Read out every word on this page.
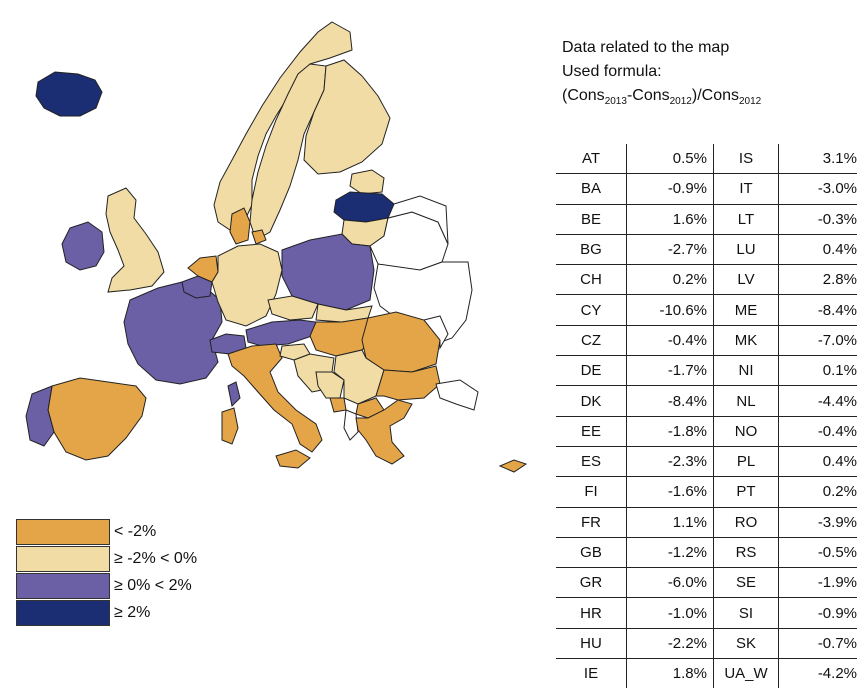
Data related to the map
Used formula:
(Cons$_{2013}$-Cons$_{2012}$)/Cons$_{2012}$
AT	0.5%	IS	3.1%
BA	-0.9%	IT	-3.0%
BE	1.6%	LT	-0.3%
BG	-2.7%	LU	0.4%
CH	0.2%	LV	2.8%
CY	-10.6%	ME	-8.4%
CZ	-0.4%	MK	-7.0%
DE	-1.7%	NI	0.1%
DK	-8.4%	NL	-4.4%
EE	-1.8%	NO	-0.4%
ES	-2.3%	PL	0.4%
FI	-1.6%	PT	0.2%
FR	1.1%	RO	-3.9%
GB	-1.2%	RS	-0.5%
GR	-6.0%	SE	-1.9%
HR	-1.0%	SI	-0.9%
HU	-2.2%	SK	-0.7%
IE	1.8%	UA_W	-4.2%
< -2%
≥ -2% < 0%
≥ 0% < 2%
≥ 2%
